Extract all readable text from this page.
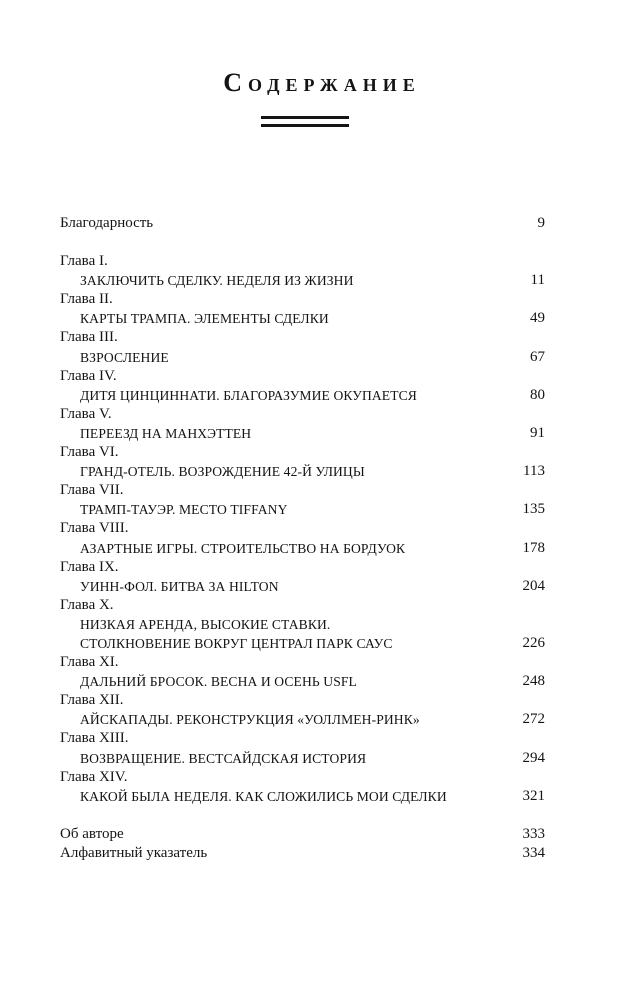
Содержание
Благодарность	9
Глава I.
ЗАКЛЮЧИТЬ СДЕЛКУ. НЕДЕЛЯ ИЗ ЖИЗНИ	11
Глава II.
КАРТЫ ТРАМПА. ЭЛЕМЕНТЫ СДЕЛКИ	49
Глава III.
ВЗРОСЛЕНИЕ	67
Глава IV.
ДИТЯ ЦИНЦИННАТИ. БЛАГОРАЗУМИЕ ОКУПАЕТСЯ	80
Глава V.
ПЕРЕЕЗД НА МАНХЭТТЕН	91
Глава VI.
ГРАНД-ОТЕЛЬ. ВОЗРОЖДЕНИЕ 42-Й УЛИЦЫ	113
Глава VII.
ТРАМП-ТАУЭР. МЕСТО TIFFANY	135
Глава VIII.
АЗАРТНЫЕ ИГРЫ. СТРОИТЕЛЬСТВО НА БОРДУОК	178
Глава IX.
УИНН-ФОЛ. БИТВА ЗА HILTON	204
Глава X.
НИЗКАЯ АРЕНДА, ВЫСОКИЕ СТАВКИ.
СТОЛКНОВЕНИЕ ВОКРУГ ЦЕНТРАЛ ПАРК САУС	226
Глава XI.
ДАЛЬНИЙ БРОСОК. ВЕСНА И ОСЕНЬ USFL	248
Глава XII.
АЙСКАПАДЫ. РЕКОНСТРУКЦИЯ «УОЛЛМЕН-РИНК»	272
Глава XIII.
ВОЗВРАЩЕНИЕ. ВЕСТСАЙДСКАЯ ИСТОРИЯ	294
Глава XIV.
КАКОЙ БЫЛА НЕДЕЛЯ. КАК СЛОЖИЛИСЬ МОИ СДЕЛКИ	321
Об авторе	333
Алфавитный указатель	334
